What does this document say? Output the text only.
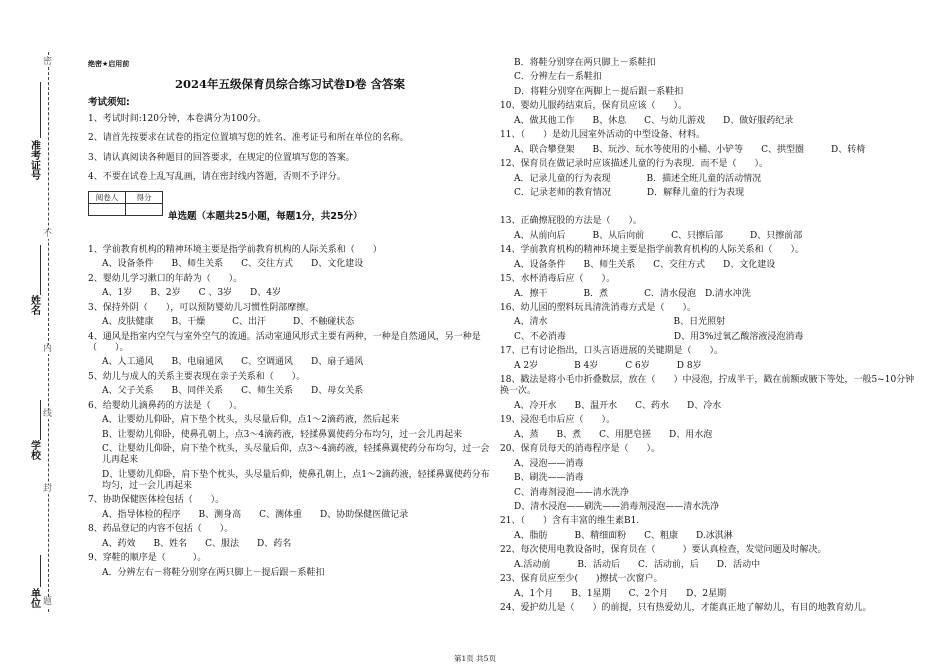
密
不
内
线
封
题
准考证号
姓名
学校
单位
绝密★启用前
2024年五级保育员综合练习试卷D卷 含答案
考试须知:
1、考试时间:120分钟，本卷满分为100分。
2、请首先按要求在试卷的指定位置填写您的姓名、准考证号和所在单位的名称。
3、请认真阅读各种题目的回答要求，在规定的位置填写您的答案。
4、不要在试卷上乱写乱画，请在密封线内答题，否则不予评分。
阅卷人	得分

单选题（本题共25小题，每题1分，共25分）
1、学前教育机构的精神环境主要是指学前教育机构的人际关系和（　　）
A、设备条件　　B、师生关系　　C、交往方式　　D、文化建设
2、婴幼儿学习漱口的年龄为（　　）。
A、1岁　　B、2岁　　C 、3岁　　D、4岁
3、保持外阴（　　），可以预防婴幼儿习惯性阴部摩擦。
A、皮肤健康　　B、干燥　　　C、出汗　　　D、不触碰状态
4、通风是指室内空气与室外空气的流通。活动室通风形式主要有两种，一种是自然通风，另一种是（　　）。
A、人工通风　　B、电扇通风　　C、空调通风　　D、扇子通风
5、幼儿与成人的关系主要表现在亲子关系和（　　）。
A、父子关系　　B、同伴关系　　C、师生关系　　D、母女关系
6、给婴幼儿滴鼻药的方法是（　　）。
A、让婴幼儿仰卧，肩下垫个枕头，头尽量后仰，点1～2滴药液，然后起来
B、让婴幼儿仰卧，使鼻孔朝上，点3～4滴药液，轻揉鼻翼使药分布均匀，过一会儿再起来
C、让婴幼儿仰卧，肩下垫个枕头，头尽量后仰，点3～4滴药液，轻揉鼻翼使药分布均匀，过一会儿再起来
D、让婴幼儿仰卧，肩下垫个枕头，头尽量后仰，使鼻孔朝上，点1～2滴药液，轻揉鼻翼使药分布均匀，过一会儿再起来
7、协助保健医体检包括（　　）。
A、指导体检的程序　　B、测身高　　C、测体重　　D、协助保健医做记录
8、药品登记的内容不包括（　　）。
A、药效　　B、姓名　　C、服法　　D、药名
9、穿鞋的顺序是（　　　）。
A．分辨左右－将鞋分别穿在两只脚上－提后跟－系鞋扣
B．将鞋分别穿在两只脚上－系鞋扣
C．分辨左右－系鞋扣
D．将鞋分别穿在两脚上－提后跟－系鞋扣
10、婴幼儿服药结束后，保育员应该（　　）。
A、做其他工作　　B、休息　　C、与幼儿游戏　　D、做好服药纪录
11、（　　）是幼儿园室外活动的中型设备、材料。
A、联合攀登架　　B、玩沙、玩水等使用的小桶、小铲等　　C、拱型圈　　　D、转椅
12、保育员在做记录时应该描述儿童的行为表现．而不是（　　）。
A．记录儿童的行为表现　　　　B．描述全班儿童的活动情况
C．记录老师的教育情况　　　　D．解释儿童的行为表现
13、正确擦屁股的方法是（　　）。
A、从前向后　　　B、从后向前　　　C、只擦后部　　　D、只擦前部
14、学前教育机构的精神环境主要是指学前教育机构的人际关系和（　　）。
A、设备条件　　B、师生关系　　C、交往方式　　D、文化建设
15、水杯消毒后应（　　）。
A．擦干　　　　B．煮　　　　C．清水侵泡　D.清水冲洗
16、幼儿园的塑料玩具清洗消毒方式是（　　）。
A、清水　　　　　　　　　　　　　　B、日光照射
C、不必消毒　　　　　　　　　　　　D、用3%过氧乙酸溶液浸泡消毒
17、已有讨论指出，口头言语进展的关键期是（　　）。
A 2岁　　　　B 4岁　　　C 6岁　　　D 8岁
18、戳法是将小毛巾折叠数层，放在（　　）中浸泡，拧成半干，戳在前额或腋下等处，一般5~10分钟换一次。
A、冷开水　　B、温开水　　C、药水　　D、冷水
19、浸泡毛巾后应（　　）。
A、蒸　　B、煮　　C、用肥皂搓　　D、用水泡
20、保育员每天的消毒程序是（　　）。
A、浸泡——消毒
B、刷洗——消毒
C、消毒剂浸泡——清水洗净
D、清水浸泡——刷洗——消毒剂浸泡——清水洗净
21、（　　）含有丰富的维生素B1.
A、脂肪　　　B、精细面粉　　C、粗康　　D.冰淇淋
22、每次使用电教设备时，保育员在（　　　）要认真检查，发觉问题及时解决。
A.活动前　　　B．活动后　　C．活动前，后　　D．活动中
23、保育员应至少(　　)擦拭一次窗户。
A、1个月　　B、1星期　　C、2个月　　D、2星期
24、爱护幼儿是（　　）的前提，只有热爱幼儿，才能真正地了解幼儿，有目的地教育幼儿。
第1页 共5页
